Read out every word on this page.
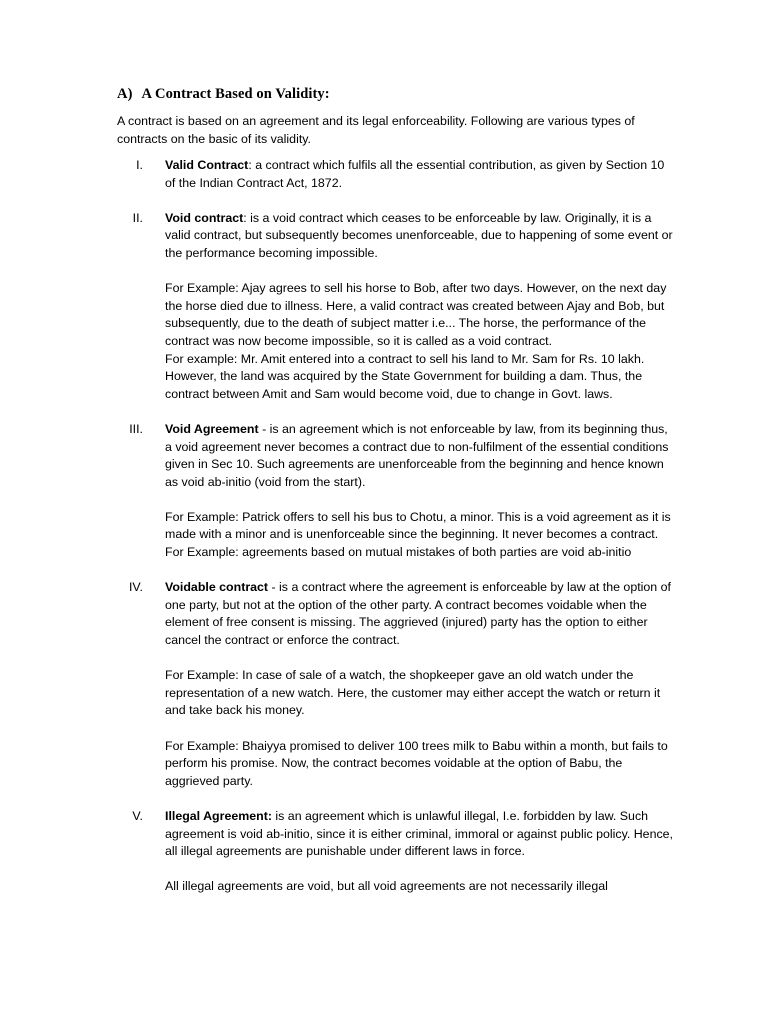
A) A Contract Based on Validity:

A contract is based on an agreement and its legal enforceability. Following are various types of contracts on the basic of its validity.

I. Valid Contract: a contract which fulfils all the essential contribution, as given by Section 10 of the Indian Contract Act, 1872.

II. Void contract: is a void contract which ceases to be enforceable by law. Originally, it is a valid contract, but subsequently becomes unenforceable, due to happening of some event or the performance becoming impossible.

For Example: Ajay agrees to sell his horse to Bob, after two days. However, on the next day the horse died due to illness. Here, a valid contract was created between Ajay and Bob, but subsequently, due to the death of subject matter i.e... The horse, the performance of the contract was now become impossible, so it is called as a void contract.

For example: Mr. Amit entered into a contract to sell his land to Mr. Sam for Rs. 10 lakh. However, the land was acquired by the State Government for building a dam. Thus, the contract between Amit and Sam would become void, due to change in Govt. laws.

III. Void Agreement - is an agreement which is not enforceable by law, from its beginning thus, a void agreement never becomes a contract due to non-fulfilment of the essential conditions given in Sec 10. Such agreements are unenforceable from the beginning and hence known as void ab-initio (void from the start).

For Example: Patrick offers to sell his bus to Chotu, a minor. This is a void agreement as it is made with a minor and is unenforceable since the beginning. It never becomes a contract.

For Example: agreements based on mutual mistakes of both parties are void ab-initio

IV. Voidable contract - is a contract where the agreement is enforceable by law at the option of one party, but not at the option of the other party. A contract becomes voidable when the element of free consent is missing. The aggrieved (injured) party has the option to either cancel the contract or enforce the contract.

For Example: In case of sale of a watch, the shopkeeper gave an old watch under the representation of a new watch. Here, the customer may either accept the watch or return it and take back his money.

For Example: Bhaiyya promised to deliver 100 trees milk to Babu within a month, but fails to perform his promise. Now, the contract becomes voidable at the option of Babu, the aggrieved party.

V. Illegal Agreement: is an agreement which is unlawful illegal, I.e. forbidden by law. Such agreement is void ab-initio, since it is either criminal, immoral or against public policy. Hence, all illegal agreements are punishable under different laws in force.

All illegal agreements are void, but all void agreements are not necessarily illegal
